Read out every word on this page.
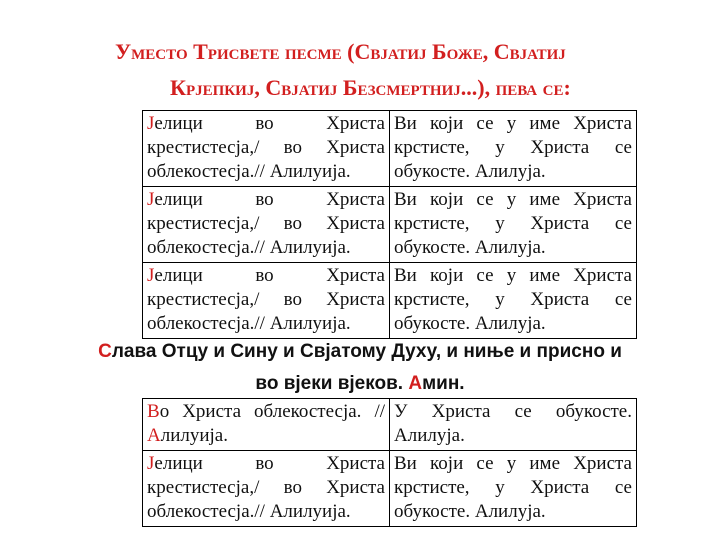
Уместо Трисвете песме (Свјатиј Боже, Свјатиј
Крјепкиј, Свјатиј Безсмертниј...), пева се:
Јелици во Христа крестистесја,/ во Христа облекостесја.// Алилуија.	Ви који се у име Христа крстисте, у Христа се обукосте. Алилуја.
Јелици во Христа крестистесја,/ во Христа облекостесја.// Алилуија.	Ви који се у име Христа крстисте, у Христа се обукосте. Алилуја.
Јелици во Христа крестистесја,/ во Христа облекостесја.// Алилуија.	Ви који се у име Христа крстисте, у Христа се обукосте. Алилуја.
Слава Отцу и Сину и Свјатому Духу, и ниње и присно и
во вјеки вјеков. Амин.
Во Христа облекостесја. // Алилуија.	У Христа се обукосте. Алилуја.
Јелици во Христа крестистесја,/ во Христа облекостесја.// Алилуија.	Ви који се у име Христа крстисте, у Христа се обукосте. Алилуја.
